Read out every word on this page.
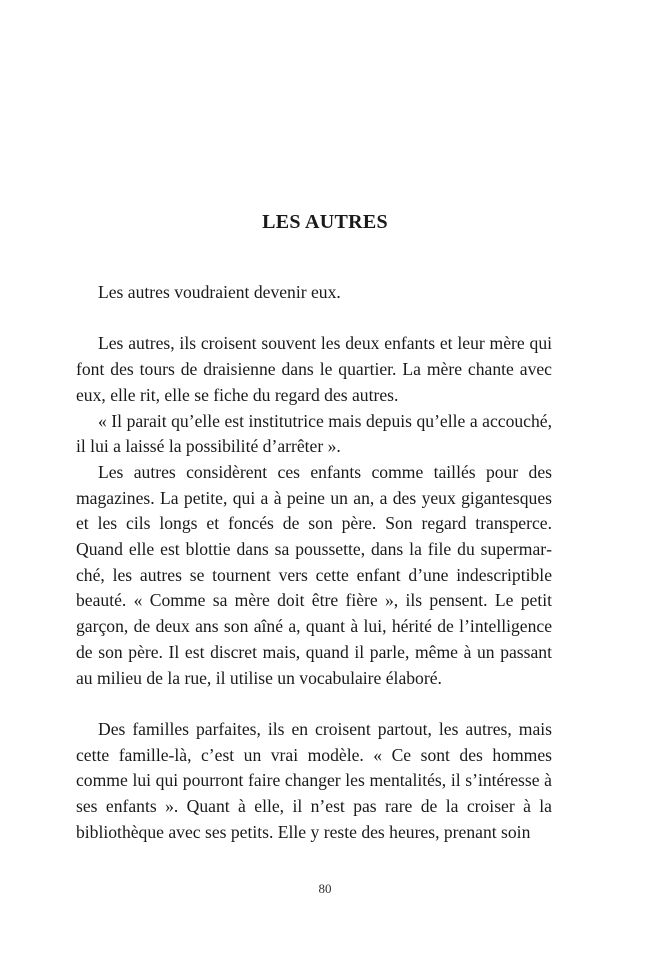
LES AUTRES

Les autres voudraient devenir eux.

Les autres, ils croisent souvent les deux enfants et leur mère qui font des tours de draisienne dans le quartier. La mère chante avec eux, elle rit, elle se fiche du regard des autres.

« Il parait qu’elle est institutrice mais depuis qu’elle a accouché, il lui a laissé la possibilité d’arrêter ».

Les autres considèrent ces enfants comme taillés pour des magazines. La petite, qui a à peine un an, a des yeux gigantesques et les cils longs et foncés de son père. Son regard transperce. Quand elle est blottie dans sa poussette, dans la file du supermarché, les autres se tournent vers cette enfant d’une indescriptible beauté. « Comme sa mère doit être fière », ils pensent. Le petit garçon, de deux ans son aîné a, quant à lui, hérité de l’intelligence de son père. Il est discret mais, quand il parle, même à un passant au milieu de la rue, il utilise un vocabulaire élaboré.

Des familles parfaites, ils en croisent partout, les autres, mais cette famille-là, c’est un vrai modèle. « Ce sont des hommes comme lui qui pourront faire changer les mentalités, il s’intéresse à ses enfants ». Quant à elle, il n’est pas rare de la croiser à la bibliothèque avec ses petits. Elle y reste des heures, prenant soin

80
